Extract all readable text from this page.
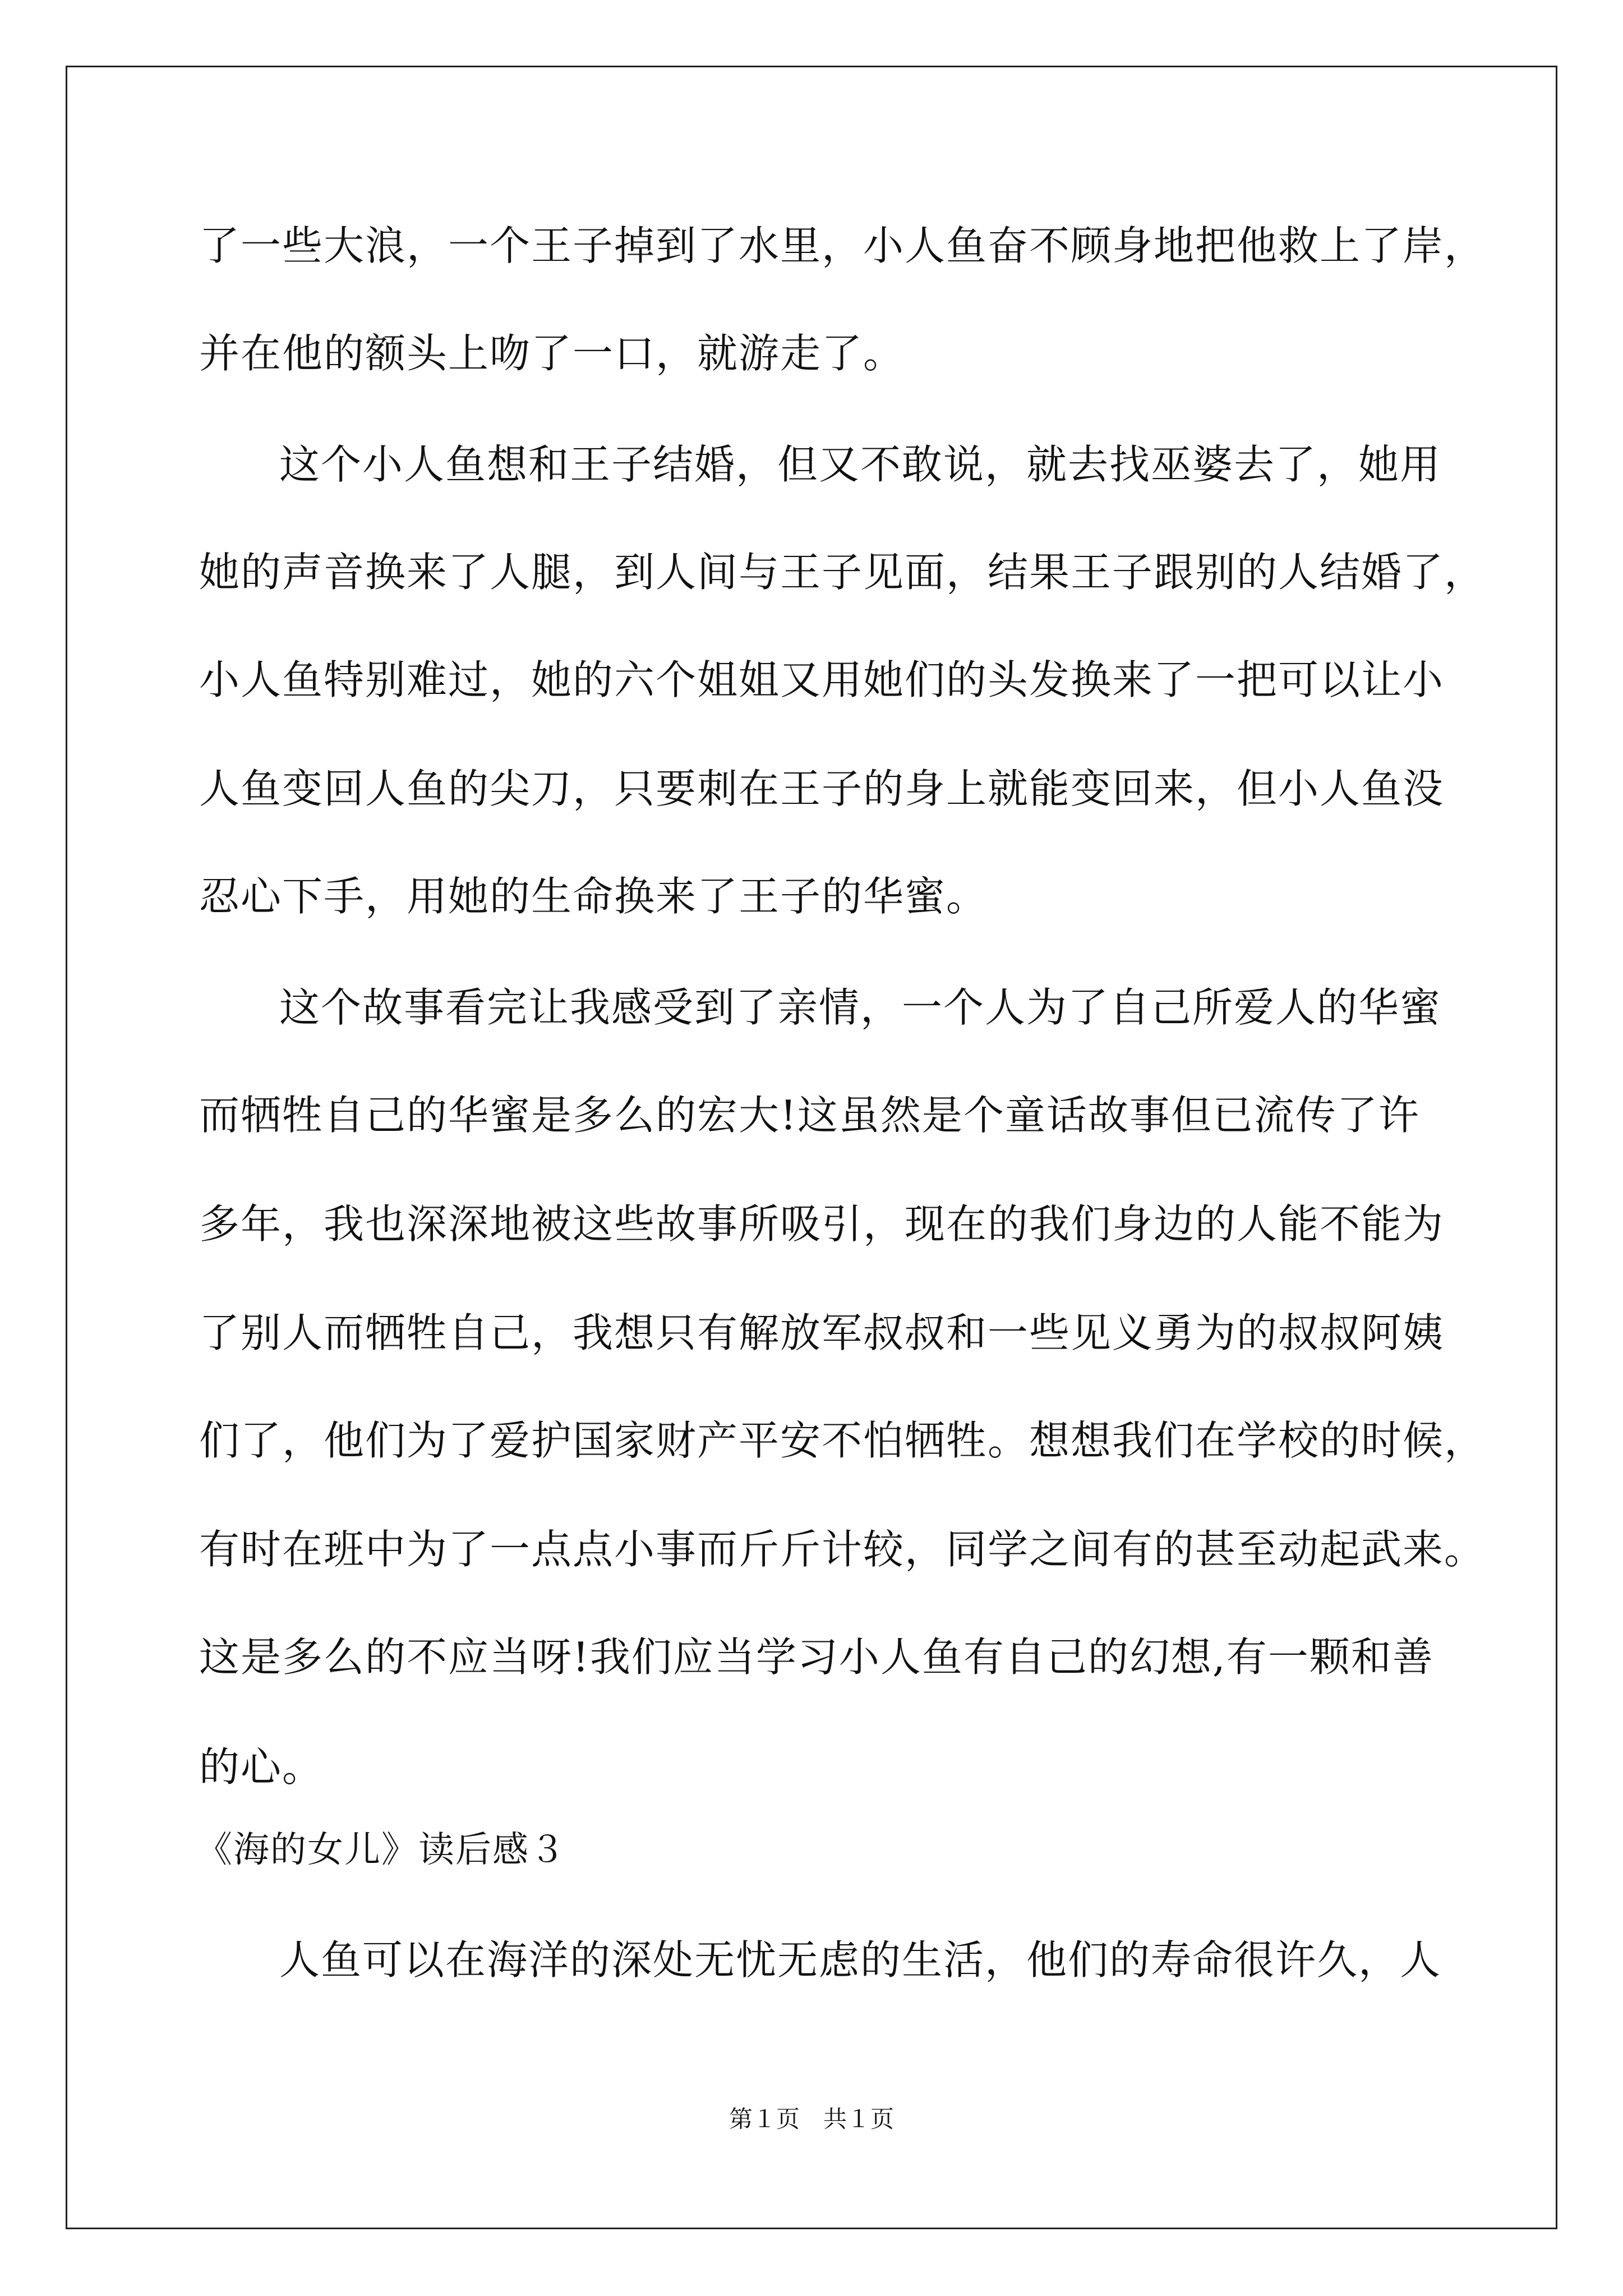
了一些大浪，一个王子掉到了水里，小人鱼奋不顾身地把他救上了岸，
并在他的额头上吻了一口，就游走了。
这个小人鱼想和王子结婚，但又不敢说，就去找巫婆去了，她用
她的声音换来了人腿，到人间与王子见面，结果王子跟别的人结婚了，
小人鱼特别难过，她的六个姐姐又用她们的头发换来了一把可以让小
人鱼变回人鱼的尖刀，只要刺在王子的身上就能变回来，但小人鱼没
忍心下手，用她的生命换来了王子的华蜜。
这个故事看完让我感受到了亲情，一个人为了自己所爱人的华蜜
而牺牲自己的华蜜是多么的宏大!这虽然是个童话故事但已流传了许
多年，我也深深地被这些故事所吸引，现在的我们身边的人能不能为
了别人而牺牲自己，我想只有解放军叔叔和一些见义勇为的叔叔阿姨
们了，他们为了爱护国家财产平安不怕牺牲。想想我们在学校的时候，
有时在班中为了一点点小事而斤斤计较，同学之间有的甚至动起武来。
这是多么的不应当呀!我们应当学习小人鱼有自己的幻想,有一颗和善
的心。
《海的女儿》读后感３
人鱼可以在海洋的深处无忧无虑的生活，他们的寿命很许久，人
第１页　共１页
